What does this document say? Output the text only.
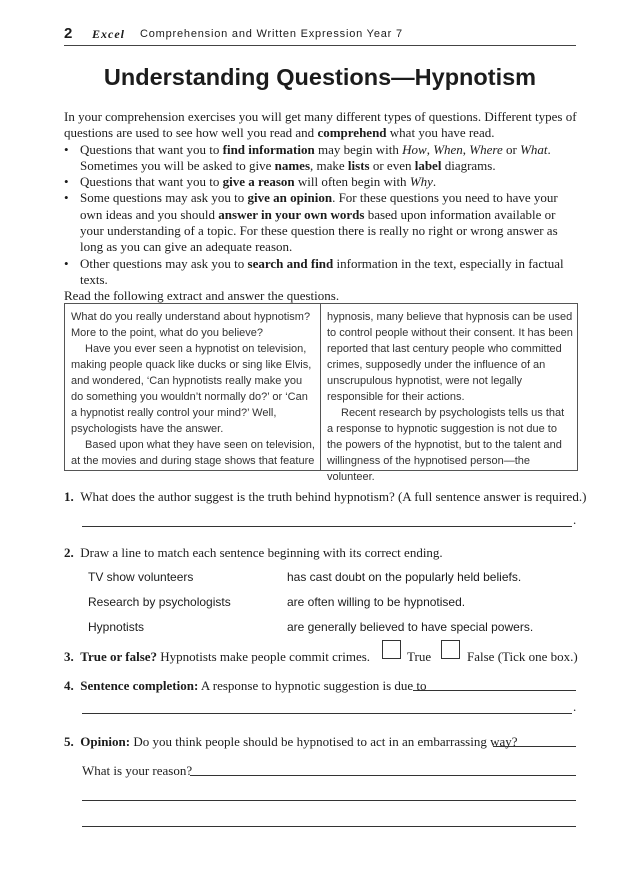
2 Excel Comprehension and Written Expression Year 7
Understanding Questions—Hypnotism

In your comprehension exercises you will get many different types of questions. Different types of questions are used to see how well you read and comprehend what you have read.

• Questions that want you to find information may begin with How, When, Where or What. Sometimes you will be asked to give names, make lists or even label diagrams.
• Questions that want you to give a reason will often begin with Why.
• Some questions may ask you to give an opinion. For these questions you need to have your own ideas and you should answer in your own words based upon information available or your understanding of a topic. For these question there is really no right or wrong answer as long as you can give an adequate reason.
• Other questions may ask you to search and find information in the text, especially in factual texts.

Read the following extract and answer the questions.

What do you really understand about hypnotism? More to the point, what do you believe?

Have you ever seen a hypnotist on television, making people quack like ducks or sing like Elvis, and wondered, ‘Can hypnotists really make you do something you wouldn’t normally do?’ or ‘Can a hypnotist really control your mind?’ Well, psychologists have the answer.

Based upon what they have seen on television, at the movies and during stage shows that feature

hypnosis, many believe that hypnosis can be used to control people without their consent. It has been reported that last century people who committed crimes, supposedly under the influence of an unscrupulous hypnotist, were not legally responsible for their actions.

Recent research by psychologists tells us that a response to hypnotic suggestion is not due to the powers of the hypnotist, but to the talent and willingness of the hypnotised person—the volunteer.

1. What does the author suggest is the truth behind hypnotism? (A full sentence answer is required.)
.
2. Draw a line to match each sentence beginning with its correct ending.
TV show volunteers
Research by psychologists
Hypnotists
has cast doubt on the popularly held beliefs.
are often willing to be hypnotised.
are generally believed to have special powers.
3. True or false? Hypnotists make people commit crimes.	True	False (Tick one box.)
4. Sentence completion: A response to hypnotic suggestion is due to
.
5. Opinion: Do you think people should be hypnotised to act in an embarrassing way?
What is your reason?
